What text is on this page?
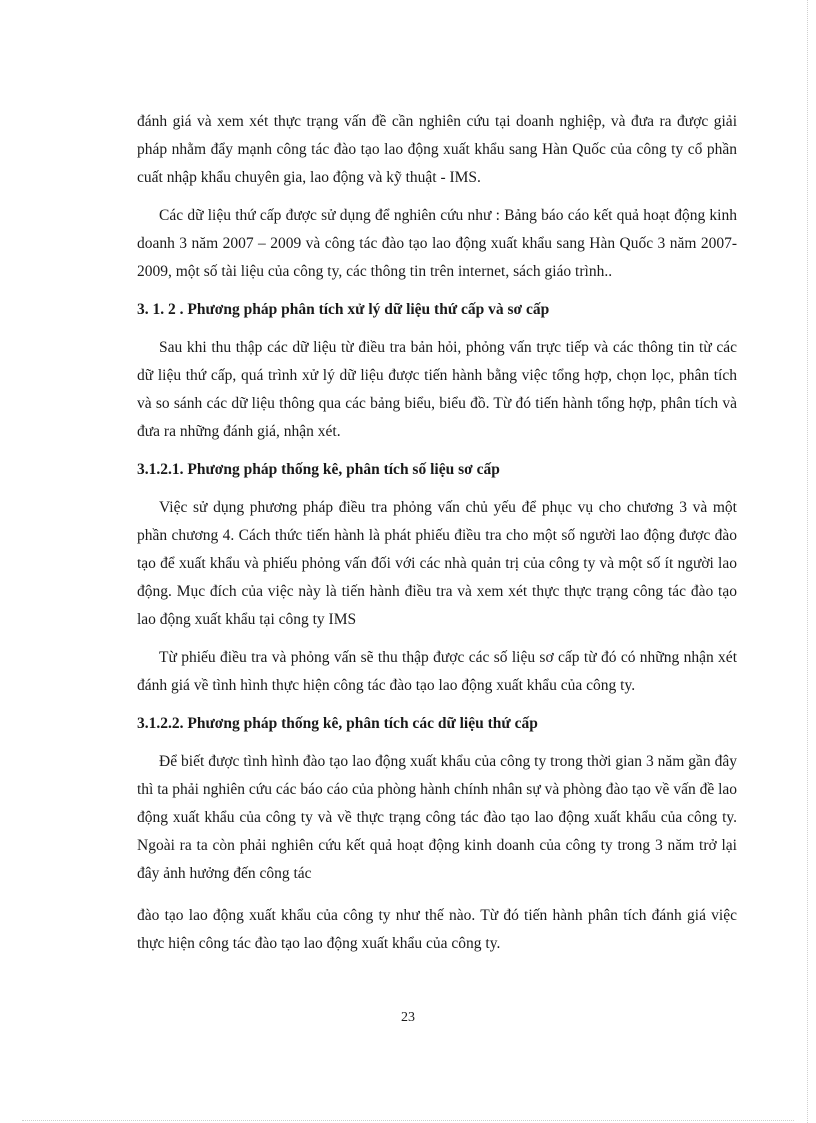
đánh giá và xem xét thực trạng vấn đề cần nghiên cứu tại doanh nghiệp, và đưa ra được giải pháp nhằm đẩy mạnh công tác đào tạo lao động xuất khẩu sang Hàn Quốc của công ty cổ phần cuất nhập khẩu chuyên gia, lao động và kỹ thuật - IMS.

Các dữ liệu thứ cấp được sử dụng để nghiên cứu như : Bảng báo cáo kết quả hoạt động kinh doanh 3 năm 2007 – 2009 và công tác đào tạo lao động xuất khẩu sang Hàn Quốc 3 năm 2007-2009, một số tài liệu của công ty, các thông tin trên internet, sách giáo trình..

3. 1. 2 . Phương pháp phân tích xử lý dữ liệu thứ cấp và sơ cấp

Sau khi thu thập các dữ liệu từ điều tra bản hỏi, phỏng vấn trực tiếp và các thông tin từ các dữ liệu thứ cấp, quá trình xử lý dữ liệu được tiến hành bằng việc tổng hợp, chọn lọc, phân tích và so sánh các dữ liệu thông qua các bảng biểu, biểu đồ. Từ đó tiến hành tổng hợp, phân tích và đưa ra những đánh giá, nhận xét.

3.1.2.1. Phương pháp thống kê, phân tích số liệu sơ cấp

Việc sử dụng phương pháp điều tra phỏng vấn chủ yếu để phục vụ cho chương 3 và một phần chương 4. Cách thức tiến hành là phát phiếu điều tra cho một số người lao động được đào tạo để xuất khẩu và phiếu phỏng vấn đối với các nhà quản trị của công ty và một số ít người lao động. Mục đích của việc này là tiến hành điều tra và xem xét thực thực trạng công tác đào tạo lao động xuất khẩu tại công ty IMS

Từ phiếu điều tra và phỏng vấn sẽ thu thập được các số liệu sơ cấp từ đó có những nhận xét đánh giá về tình hình thực hiện công tác đào tạo lao động xuất khẩu của công ty.

3.1.2.2. Phương pháp thống kê, phân tích các dữ liệu thứ cấp

Để biết được tình hình đào tạo lao động xuất khẩu của công ty trong thời gian 3 năm gần đây thì ta phải nghiên cứu các báo cáo của phòng hành chính nhân sự và phòng đào tạo về vấn đề lao động xuất khẩu của công ty và về thực trạng công tác đào tạo lao động xuất khẩu của công ty. Ngoài ra ta còn phải nghiên cứu kết quả hoạt động kinh doanh của công ty trong 3 năm trở lại đây ảnh hưởng đến công tác

đào tạo lao động xuất khẩu của công ty như thế nào. Từ đó tiến hành phân tích đánh giá việc thực hiện công tác đào tạo lao động xuất khẩu của công ty.

23
